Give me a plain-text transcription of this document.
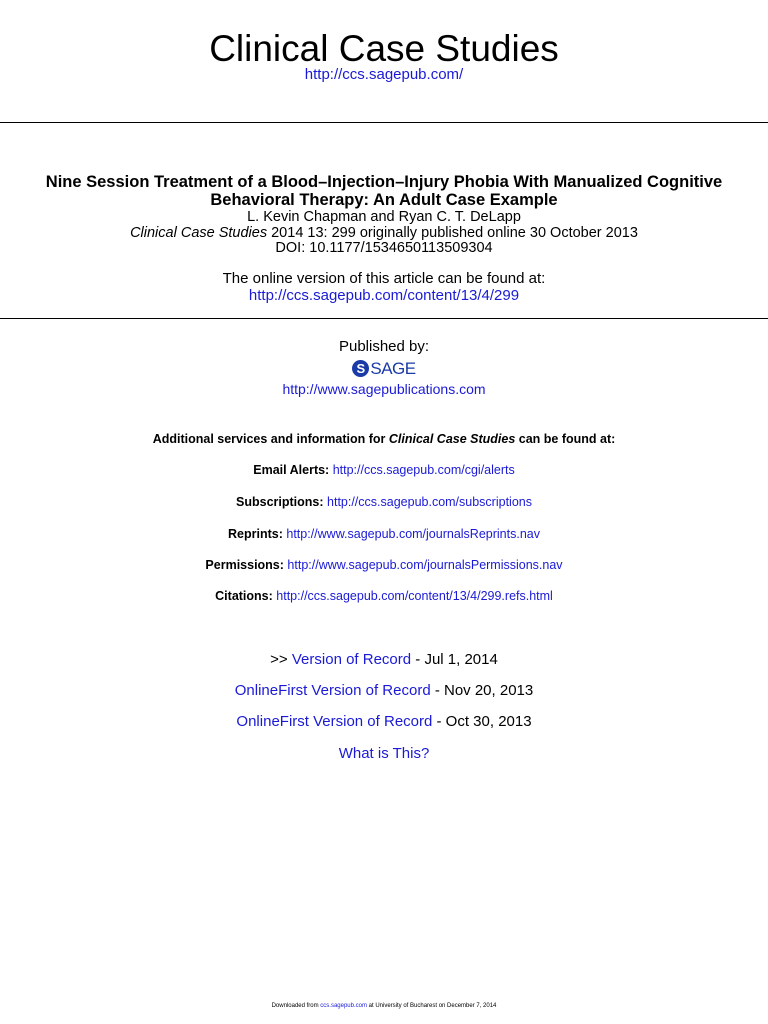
Clinical Case Studies
http://ccs.sagepub.com/
Nine Session Treatment of a Blood–Injection–Injury Phobia With Manualized Cognitive
Behavioral Therapy: An Adult Case Example
L. Kevin Chapman and Ryan C. T. DeLapp
Clinical Case Studies 2014 13: 299 originally published online 30 October 2013
DOI: 10.1177/1534650113509304
The online version of this article can be found at:
http://ccs.sagepub.com/content/13/4/299
Published by:
S SAGE
http://www.sagepublications.com
Additional services and information for Clinical Case Studies can be found at:
Email Alerts: http://ccs.sagepub.com/cgi/alerts
Subscriptions: http://ccs.sagepub.com/subscriptions
Reprints: http://www.sagepub.com/journalsReprints.nav
Permissions: http://www.sagepub.com/journalsPermissions.nav
Citations: http://ccs.sagepub.com/content/13/4/299.refs.html
>> Version of Record - Jul 1, 2014
OnlineFirst Version of Record - Nov 20, 2013
OnlineFirst Version of Record - Oct 30, 2013
What is This?
Downloaded from ccs.sagepub.com at University of Bucharest on December 7, 2014
